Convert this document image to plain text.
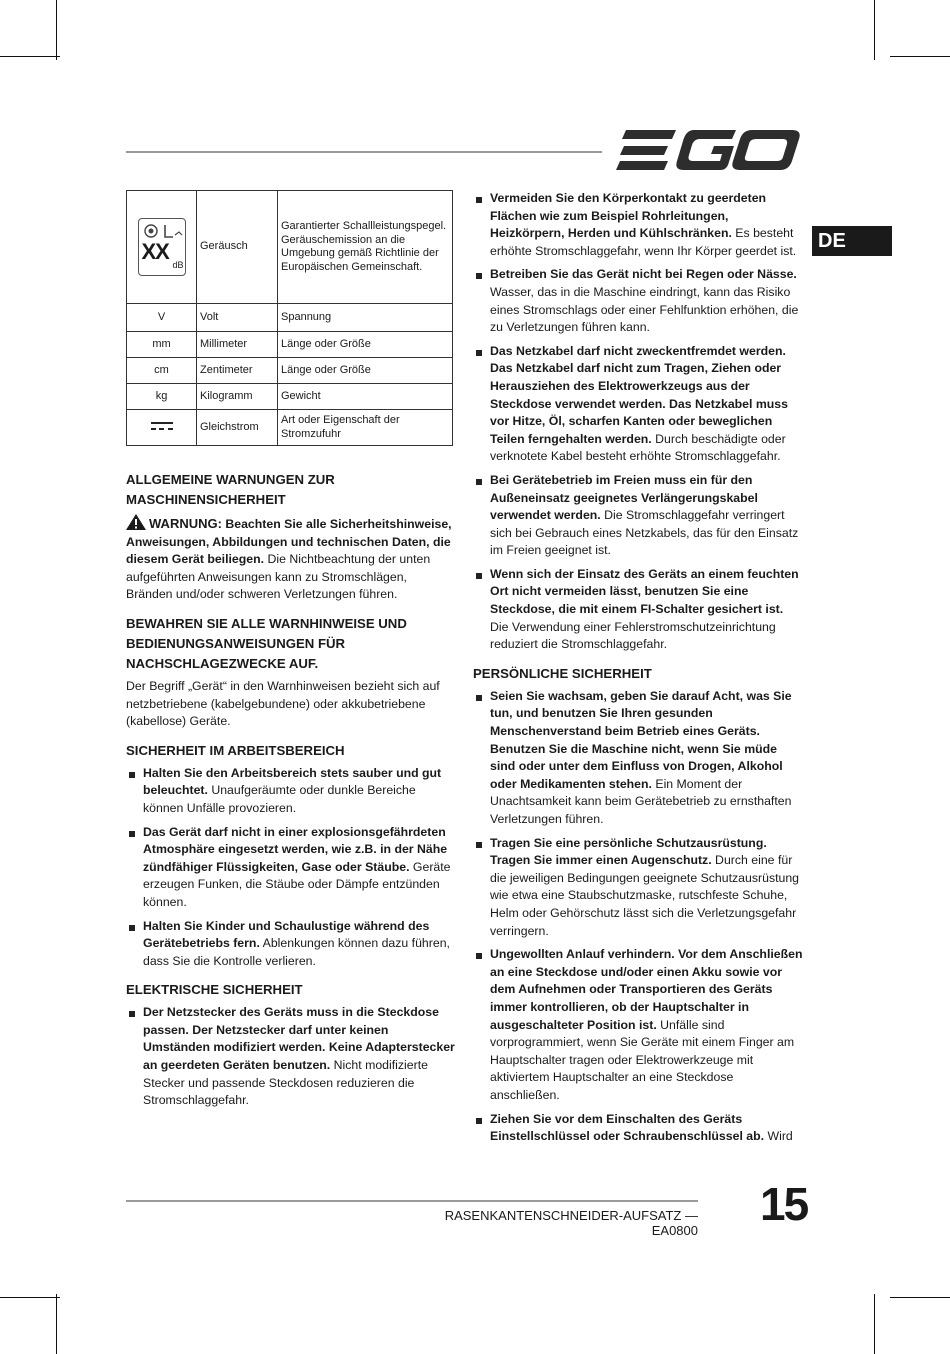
DE
XX
dB	Geräusch	Garantierter Schallleistungspegel. Geräuschemission an die Umgebung gemäß Richtlinie der Europäischen Gemeinschaft.
V	Volt	Spannung
mm	Millimeter	Länge oder Größe
cm	Zentimeter	Länge oder Größe
kg	Kilogramm	Gewicht

	Gleichstrom	Art oder Eigenschaft der Stromzufuhr
ALLGEMEINE WARNUNGEN ZUR MASCHINENSICHERHEIT

WARNUNG: Beachten Sie alle Sicherheitshinweise, Anweisungen, Abbildungen und technischen Daten, die diesem Gerät beiliegen. Die Nichtbeachtung der unten aufgeführten Anweisungen kann zu Stromschlägen, Bränden und/oder schweren Verletzungen führen.

BEWAHREN SIE ALLE WARNHINWEISE UND BEDIENUNGSANWEISUNGEN FÜR NACHSCHLAGEZWECKE AUF.

Der Begriff „Gerät“ in den Warnhinweisen bezieht sich auf netzbetriebene (kabelgebundene) oder akkubetriebene (kabellose) Geräte.

SICHERHEIT IM ARBEITSBEREICH
Halten Sie den Arbeitsbereich stets sauber und gut beleuchtet. Unaufgeräumte oder dunkle Bereiche können Unfälle provozieren.
Das Gerät darf nicht in einer explosionsgefährdeten Atmosphäre eingesetzt werden, wie z.B. in der Nähe zündfähiger Flüssigkeiten, Gase oder Stäube. Geräte erzeugen Funken, die Stäube oder Dämpfe entzünden können.
Halten Sie Kinder und Schaulustige während des Gerätebetriebs fern. Ablenkungen können dazu führen, dass Sie die Kontrolle verlieren.
ELEKTRISCHE SICHERHEIT
Der Netzstecker des Geräts muss in die Steckdose passen. Der Netzstecker darf unter keinen Umständen modifiziert werden. Keine Adapterstecker an geerdeten Geräten benutzen. Nicht modifizierte Stecker und passende Steckdosen reduzieren die Stromschlaggefahr.
Vermeiden Sie den Körperkontakt zu geerdeten Flächen wie zum Beispiel Rohrleitungen, Heizkörpern, Herden und Kühlschränken. Es besteht erhöhte Stromschlaggefahr, wenn Ihr Körper geerdet ist.
Betreiben Sie das Gerät nicht bei Regen oder Nässe. Wasser, das in die Maschine eindringt, kann das Risiko eines Stromschlags oder einer Fehlfunktion erhöhen, die zu Verletzungen führen kann.
Das Netzkabel darf nicht zweckentfremdet werden. Das Netzkabel darf nicht zum Tragen, Ziehen oder Herausziehen des Elektrowerkzeugs aus der Steckdose verwendet werden. Das Netzkabel muss vor Hitze, Öl, scharfen Kanten oder beweglichen Teilen ferngehalten werden. Durch beschädigte oder verknotete Kabel besteht erhöhte Stromschlaggefahr.
Bei Gerätebetrieb im Freien muss ein für den Außeneinsatz geeignetes Verlängerungskabel verwendet werden. Die Stromschlaggefahr verringert sich bei Gebrauch eines Netzkabels, das für den Einsatz im Freien geeignet ist.
Wenn sich der Einsatz des Geräts an einem feuchten Ort nicht vermeiden lässt, benutzen Sie eine Steckdose, die mit einem FI-Schalter gesichert ist. Die Verwendung einer Fehlerstromschutzeinrichtung reduziert die Stromschlaggefahr.
PERSÖNLICHE SICHERHEIT
Seien Sie wachsam, geben Sie darauf Acht, was Sie tun, und benutzen Sie Ihren gesunden Menschenverstand beim Betrieb eines Geräts. Benutzen Sie die Maschine nicht, wenn Sie müde sind oder unter dem Einfluss von Drogen, Alkohol oder Medikamenten stehen. Ein Moment der Unachtsamkeit kann beim Gerätebetrieb zu ernsthaften Verletzungen führen.
Tragen Sie eine persönliche Schutzausrüstung. Tragen Sie immer einen Augenschutz. Durch eine für die jeweiligen Bedingungen geeignete Schutzausrüstung wie etwa eine Staubschutzmaske, rutschfeste Schuhe, Helm oder Gehörschutz lässt sich die Verletzungsgefahr verringern.
Ungewollten Anlauf verhindern. Vor dem Anschließen an eine Steckdose und/oder einen Akku sowie vor dem Aufnehmen oder Transportieren des Geräts immer kontrollieren, ob der Hauptschalter in ausgeschalteter Position ist. Unfälle sind vorprogrammiert, wenn Sie Geräte mit einem Finger am Hauptschalter tragen oder Elektrowerkzeuge mit aktiviertem Hauptschalter an eine Steckdose anschließen.
Ziehen Sie vor dem Einschalten des Geräts Einstellschlüssel oder Schraubenschlüssel ab. Wird
RASENKANTENSCHNEIDER-AUFSATZ — EA0800
15
